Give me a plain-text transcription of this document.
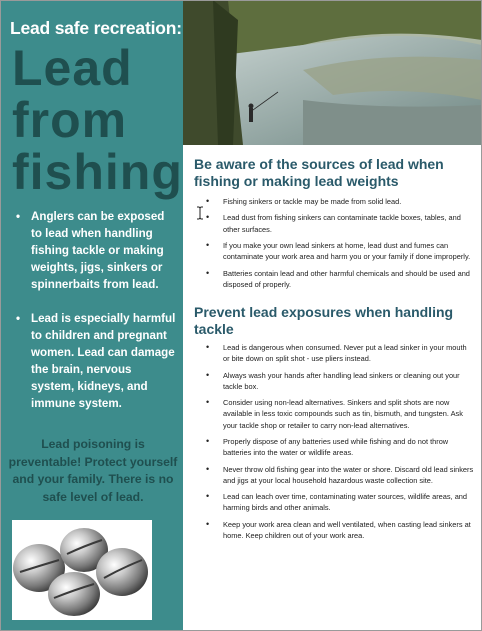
Lead safe recreation:
Lead
from
fishing
• Anglers can be exposed to lead when handling fishing tackle or making weights, jigs, sinkers or spinnerbaits from lead.
• Lead is especially harmful to children and pregnant women. Lead can damage the brain, nervous system, kidneys, and immune system.
Lead poisoning is preventable! Protect yourself and your family. There is no safe level of lead.
Be aware of the sources of lead when fishing or making lead weights
• Fishing sinkers or tackle may be made from solid lead.
• Lead dust from fishing sinkers can contaminate tackle boxes, tables, and other surfaces.
• If you make your own lead sinkers at home, lead dust and fumes can contaminate your work area and harm you or your family if done improperly.
• Batteries contain lead and other harmful chemicals and should be used and disposed of properly.
Prevent lead exposures when handling tackle
• Lead is dangerous when consumed. Never put a lead sinker in your mouth or bite down on split shot - use pliers instead.
• Always wash your hands after handling lead sinkers or cleaning out your tackle box.
• Consider using non-lead alternatives. Sinkers and split shots are now available in less toxic compounds such as tin, bismuth, and tungsten. Ask your tackle shop or retailer to carry non-lead alternatives.
• Properly dispose of any batteries used while fishing and do not throw batteries into the water or wildlife areas.
• Never throw old fishing gear into the water or shore. Discard old lead sinkers and jigs at your local household hazardous waste collection site.
• Lead can leach over time, contaminating water sources, wildlife areas, and harming birds and other animals.
• Keep your work area clean and well ventilated, when casting lead sinkers at home. Keep children out of your work area.
